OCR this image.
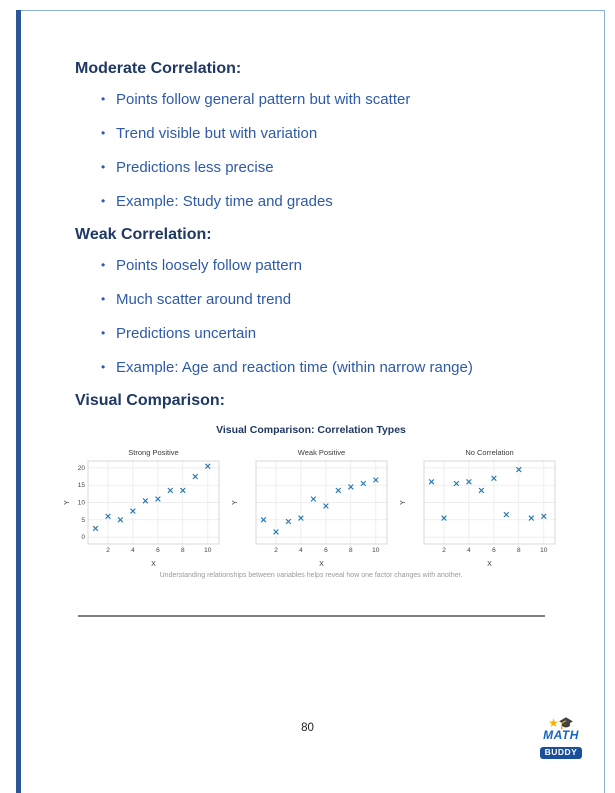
Moderate Correlation:
•
Points follow general pattern but with scatter
•
Trend visible but with variation
•
Predictions less precise
•
Example: Study time and grades
Weak Correlation:
•
Points loosely follow pattern
•
Much scatter around trend
•
Predictions uncertain
•
Example: Age and reaction time (within narrow range)
Visual Comparison:
Visual Comparison: Correlation Types
Strong Positive
X
Y
2	4	6	8	10
0
5
10
15
20
Weak Positive
X
Y
2	4	6	8	10
No Correlation
X
Y
2	4	6	8	10
Understanding relationships between variables helps reveal how one factor changes with another.
80	★🎓
MATH
BUDDY
